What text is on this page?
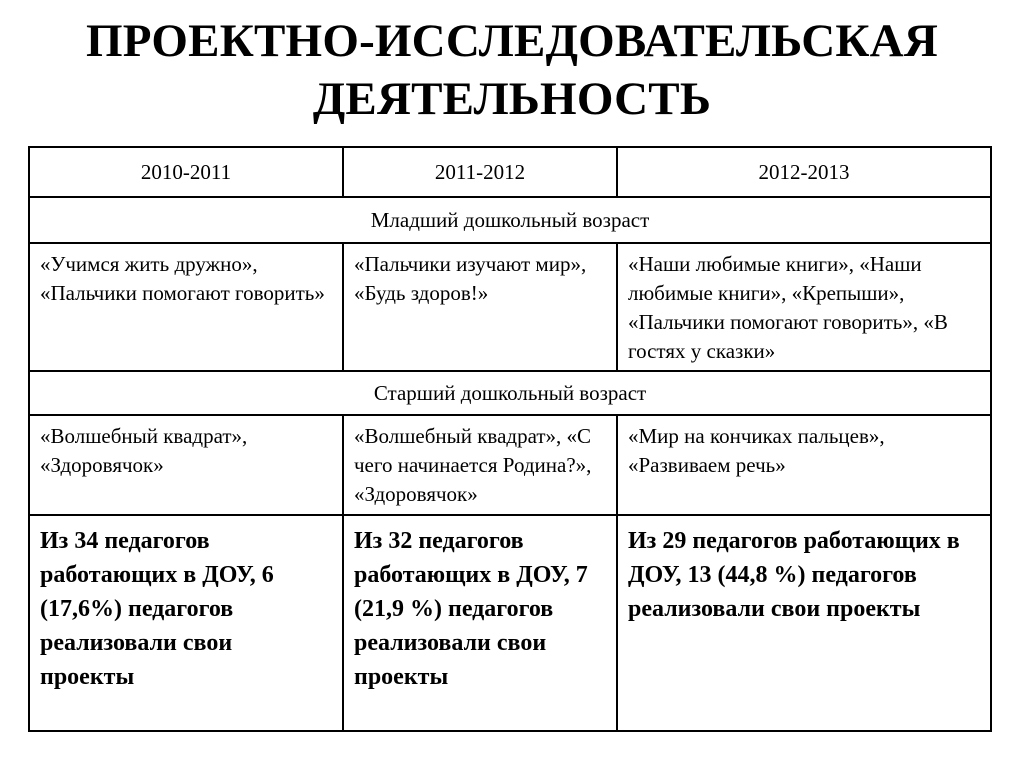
ПРОЕКТНО-ИССЛЕДОВАТЕЛЬСКАЯ
ДЕЯТЕЛЬНОСТЬ
2010-2011	2011-2012	2012-2013
Младший дошкольный возраст		
«Учимся жить дружно», «Пальчики помогают говорить»	«Пальчики изучают мир», «Будь здоров!»	«Наши любимые книги», «Наши любимые книги», «Крепыши», «Пальчики помогают говорить», «В гостях у сказки»
Старший дошкольный возраст		
«Волшебный квадрат», «Здоровячок»	«Волшебный квадрат», «С чего начинается Родина?», «Здоровячок»	«Мир на кончиках пальцев», «Развиваем речь»
Из 34 педагогов работающих в ДОУ, 6 (17,6%) педагогов реализовали свои проекты	Из 32 педагогов работающих в ДОУ, 7 (21,9 %) педагогов реализовали свои проекты	Из 29 педагогов работающих в ДОУ, 13 (44,8 %) педагогов реализовали свои проекты
